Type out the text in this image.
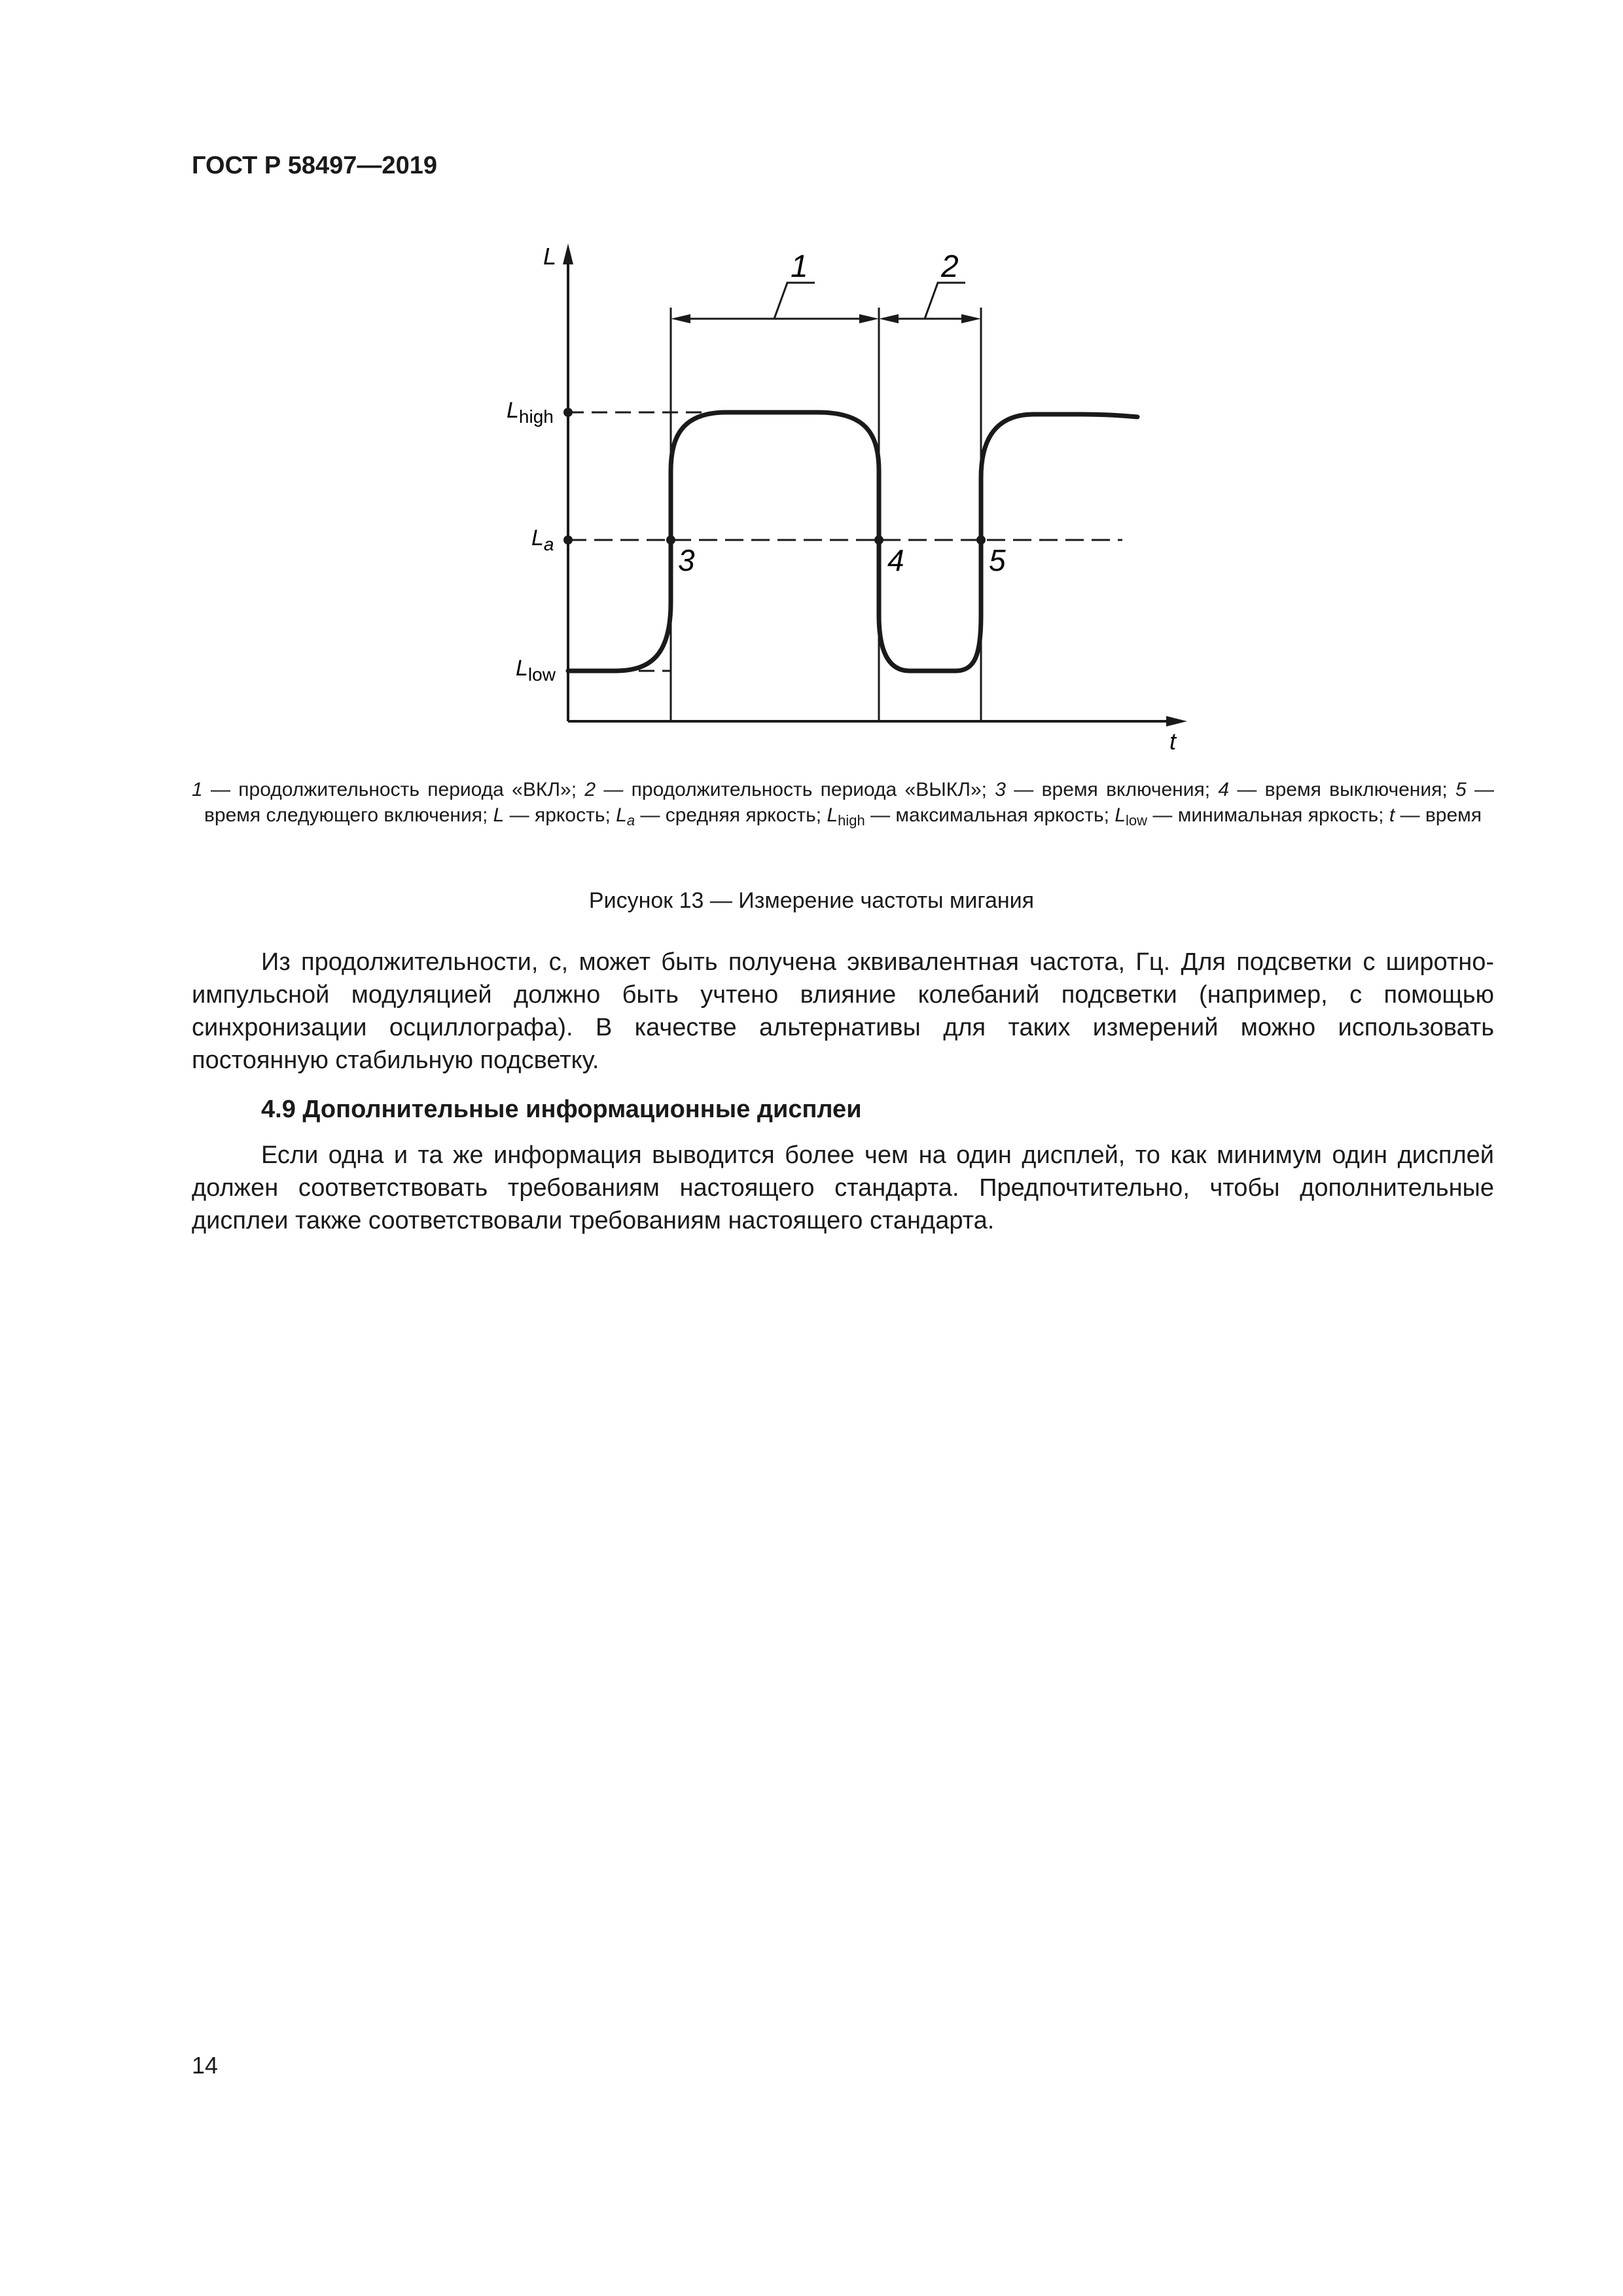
ГОСТ Р 58497—2019
L
t
$L_{high}$
$L_a$
$L_{low}$
1	2
3	4	5
1 — продолжительность периода «ВКЛ»; 2 — продолжительность периода «ВЫКЛ»; 3 — время включения; 4 — время выключения; 5 — время следующего включения; L — яркость; $L_a$ — средняя яркость; $L_{high}$ — максимальная яркость; $L_{low}$ — минимальная яркость; t — время
Рисунок 13 — Измерение частоты мигания
Из продолжительности, с, может быть получена эквивалентная частота, Гц. Для подсветки с широтно-импульсной модуляцией должно быть учтено влияние колебаний подсветки (например, с помощью синхронизации осциллографа). В качестве альтернативы для таких измерений можно использовать постоянную стабильную подсветку.
4.9 Дополнительные информационные дисплеи
Если одна и та же информация выводится более чем на один дисплей, то как минимум один дисплей должен соответствовать требованиям настоящего стандарта. Предпочтительно, чтобы дополнительные дисплеи также соответствовали требованиям настоящего стандарта.
14
